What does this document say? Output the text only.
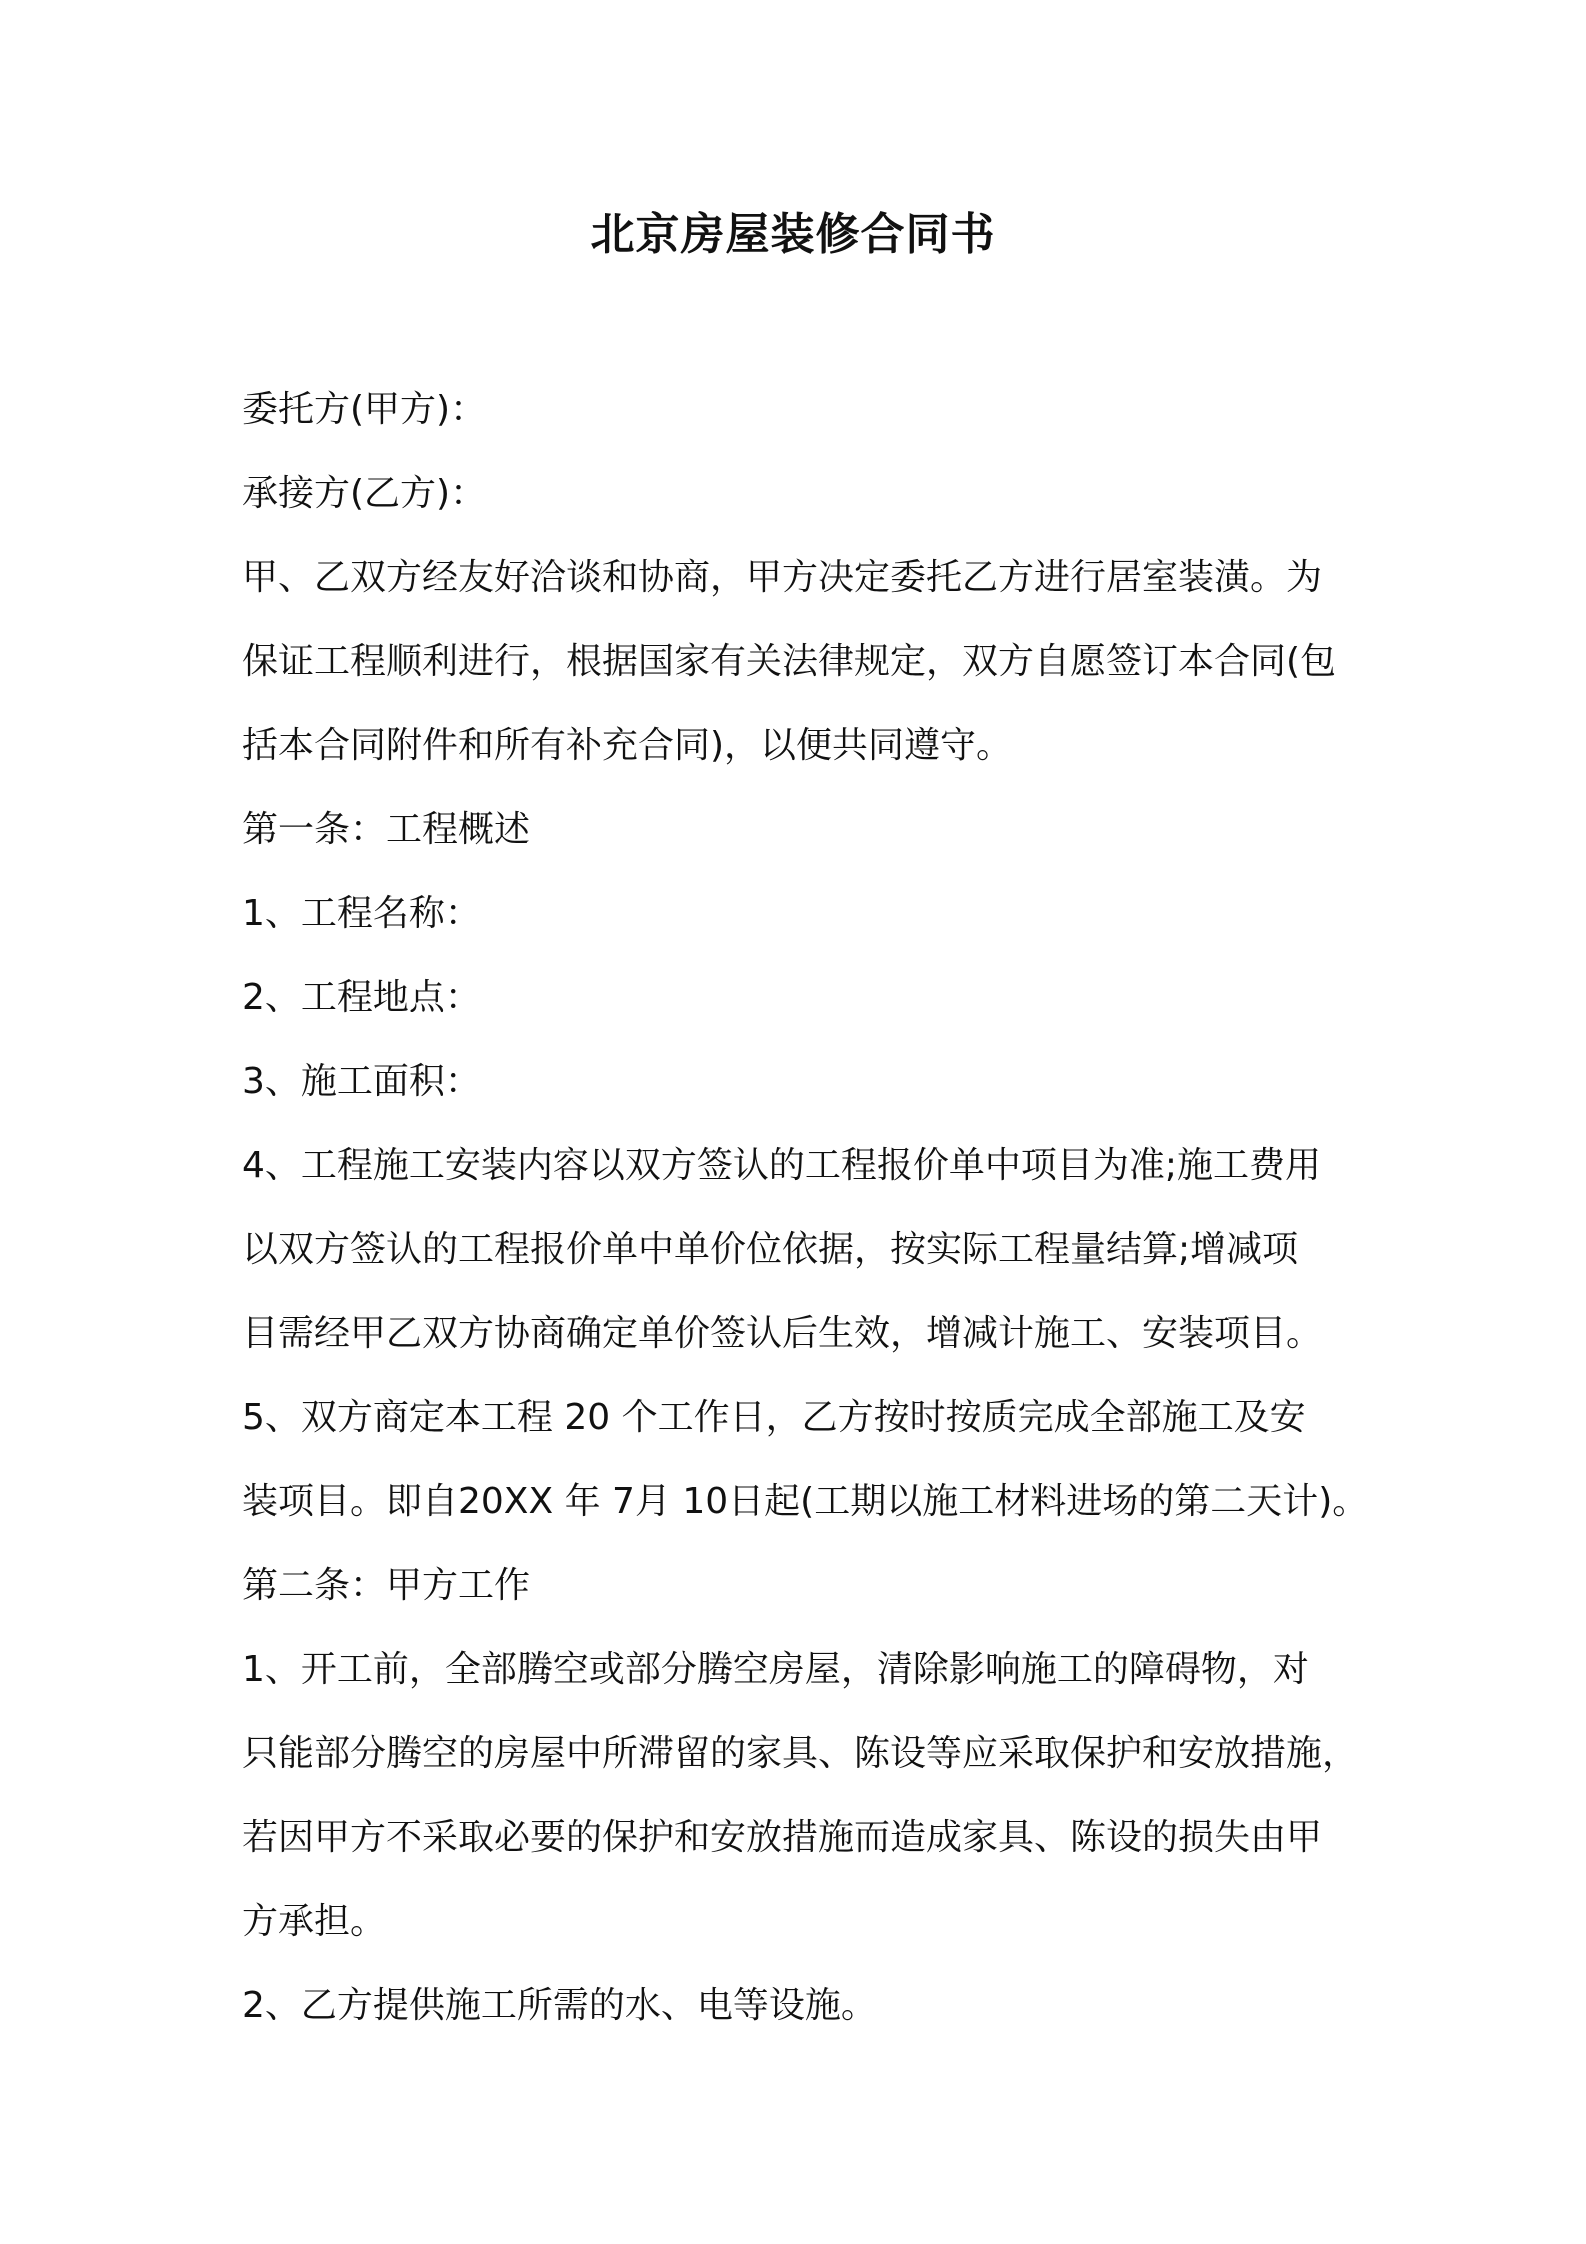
北京房屋装修合同书
委托方(甲方)：
承接方(乙方)：
甲、乙双方经友好洽谈和协商，甲方决定委托乙方进行居室装潢。为
保证工程顺利进行，根据国家有关法律规定，双方自愿签订本合同(包
括本合同附件和所有补充合同)，以便共同遵守。
第一条：工程概述
1、工程名称：
2、工程地点：
3、施工面积：
4、工程施工安装内容以双方签认的工程报价单中项目为准;施工费用
以双方签认的工程报价单中单价位依据，按实际工程量结算;增减项
目需经甲乙双方协商确定单价签认后生效，增减计施工、安装项目。
5、双方商定本工程 20 个工作日，乙方按时按质完成全部施工及安
装项目。即自20XX 年 7月 10日起(工期以施工材料进场的第二天计)。
第二条：甲方工作
1、开工前，全部腾空或部分腾空房屋，清除影响施工的障碍物，对
只能部分腾空的房屋中所滞留的家具、陈设等应采取保护和安放措施，
若因甲方不采取必要的保护和安放措施而造成家具、陈设的损失由甲
方承担。
2、乙方提供施工所需的水、电等设施。
